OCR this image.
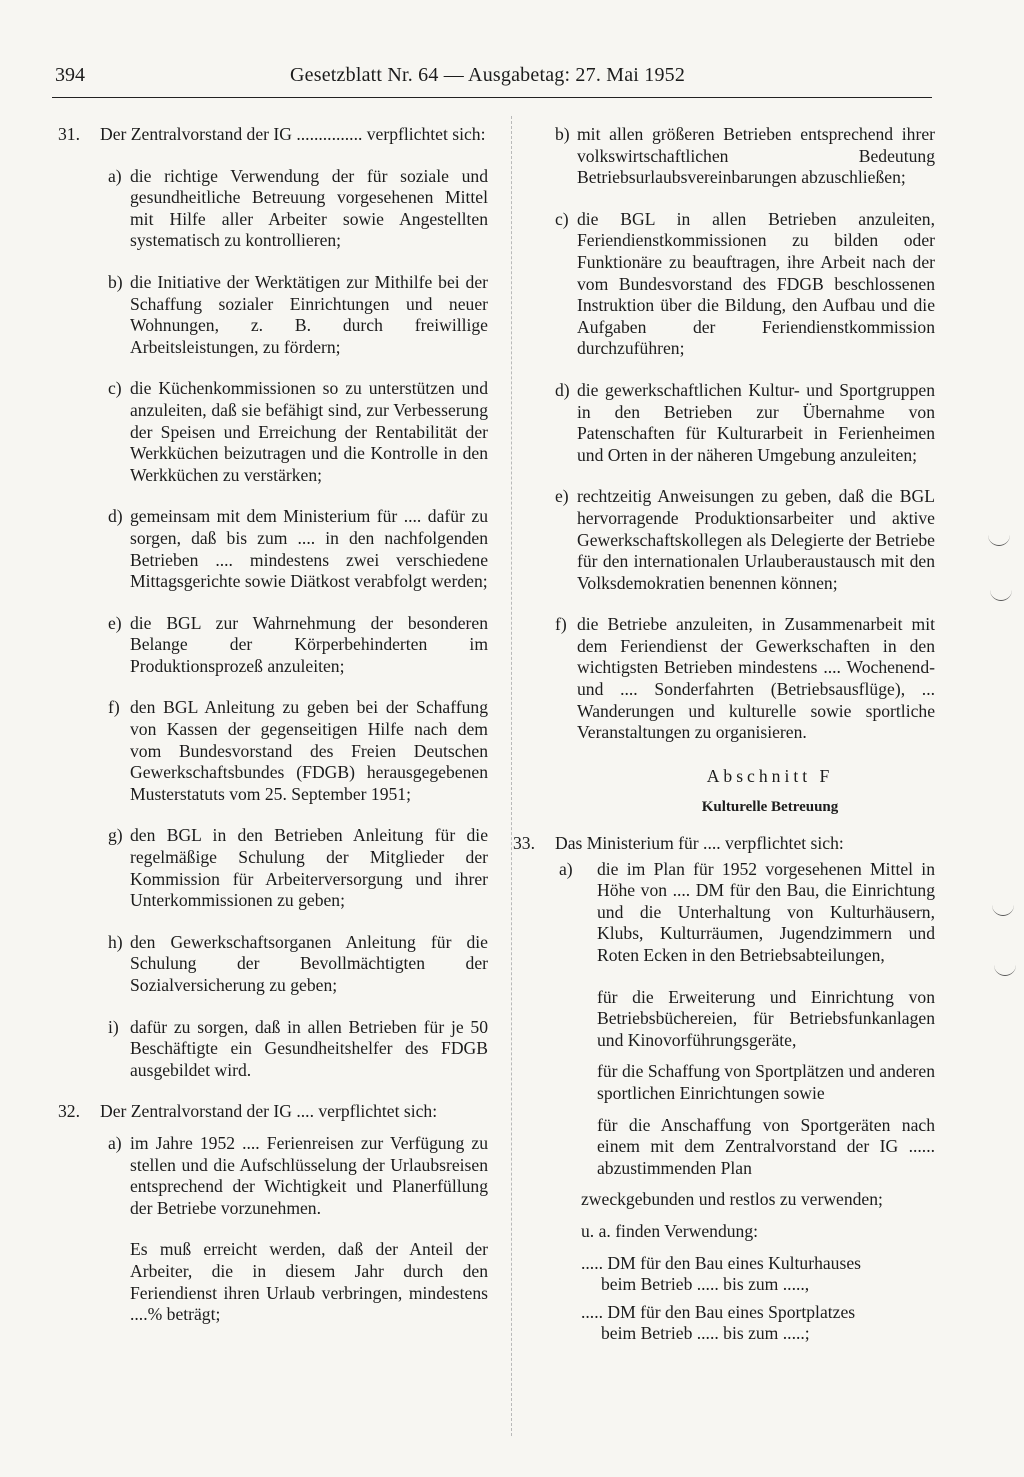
394	Gesetzblatt Nr. 64 — Ausgabetag: 27. Mai 1952
31. Der Zentralvorstand der IG ............... verpflichtet sich:
a) die richtige Verwendung der für soziale und gesundheitliche Betreuung vorgesehenen Mittel mit Hilfe aller Arbeiter sowie Angestellten systematisch zu kontrollieren;
b) die Initiative der Werktätigen zur Mithilfe bei der Schaffung sozialer Einrichtungen und neuer Wohnungen, z. B. durch freiwillige Arbeitsleistungen, zu fördern;
c) die Küchenkommissionen so zu unterstützen und anzuleiten, daß sie befähigt sind, zur Verbesserung der Speisen und Erreichung der Rentabilität der Werkküchen beizutragen und die Kontrolle in den Werkküchen zu verstärken;
d) gemeinsam mit dem Ministerium für .... dafür zu sorgen, daß bis zum .... in den nachfolgenden Betrieben .... mindestens zwei verschiedene Mittagsgerichte sowie Diätkost verabfolgt werden;
e) die BGL zur Wahrnehmung der besonderen Belange der Körperbehinderten im Produktionsprozeß anzuleiten;
f) den BGL Anleitung zu geben bei der Schaffung von Kassen der gegenseitigen Hilfe nach dem vom Bundesvorstand des Freien Deutschen Gewerkschaftsbundes (FDGB) herausgegebenen Musterstatuts vom 25. September 1951;
g) den BGL in den Betrieben Anleitung für die regelmäßige Schulung der Mitglieder der Kommission für Arbeiterversorgung und ihrer Unterkommissionen zu geben;
h) den Gewerkschaftsorganen Anleitung für die Schulung der Bevollmächtigten der Sozialversicherung zu geben;
i) dafür zu sorgen, daß in allen Betrieben für je 50 Beschäftigte ein Gesundheitshelfer des FDGB ausgebildet wird.
32. Der Zentralvorstand der IG .... verpflichtet sich:
a) im Jahre 1952 .... Ferienreisen zur Verfügung zu stellen und die Aufschlüsselung der Urlaubsreisen entsprechend der Wichtigkeit und Planerfüllung der Betriebe vorzunehmen.
Es muß erreicht werden, daß der Anteil der Arbeiter, die in diesem Jahr durch den Feriendienst ihren Urlaub verbringen, mindestens ....% beträgt;
b) mit allen größeren Betrieben entsprechend ihrer volkswirtschaftlichen Bedeutung Betriebsurlaubsvereinbarungen abzuschließen;
c) die BGL in allen Betrieben anzuleiten, Feriendienstkommissionen zu bilden oder Funktionäre zu beauftragen, ihre Arbeit nach der vom Bundesvorstand des FDGB beschlossenen Instruktion über die Bildung, den Aufbau und die Aufgaben der Feriendienstkommission durchzuführen;
d) die gewerkschaftlichen Kultur- und Sportgruppen in den Betrieben zur Übernahme von Patenschaften für Kulturarbeit in Ferienheimen und Orten in der näheren Umgebung anzuleiten;
e) rechtzeitig Anweisungen zu geben, daß die BGL hervorragende Produktionsarbeiter und aktive Gewerkschaftskollegen als Delegierte der Betriebe für den internationalen Urlauberaustausch mit den Volksdemokratien benennen können;
f) die Betriebe anzuleiten, in Zusammenarbeit mit dem Feriendienst der Gewerkschaften in den wichtigsten Betrieben mindestens .... Wochenend- und .... Sonderfahrten (Betriebsausflüge), ... Wanderungen und kulturelle sowie sportliche Veranstaltungen zu organisieren.
Abschnitt F
Kulturelle Betreuung
33. Das Ministerium für .... verpflichtet sich:
a) die im Plan für 1952 vorgesehenen Mittel in Höhe von .... DM für den Bau, die Einrichtung und die Unterhaltung von Kulturhäusern, Klubs, Kulturräumen, Jugendzimmern und Roten Ecken in den Betriebsabteilungen,
für die Erweiterung und Einrichtung von Betriebsbüchereien, für Betriebsfunkanlagen und Kinovorführungsgeräte,
für die Schaffung von Sportplätzen und anderen sportlichen Einrichtungen sowie
für die Anschaffung von Sportgeräten nach einem mit dem Zentralvorstand der IG ...... abzustimmenden Plan
zweckgebunden und restlos zu verwenden;
u. a. finden Verwendung:
..... DM für den Bau eines Kulturhauses
beim Betrieb ..... bis zum .....,
..... DM für den Bau eines Sportplatzes
beim Betrieb ..... bis zum .....;
